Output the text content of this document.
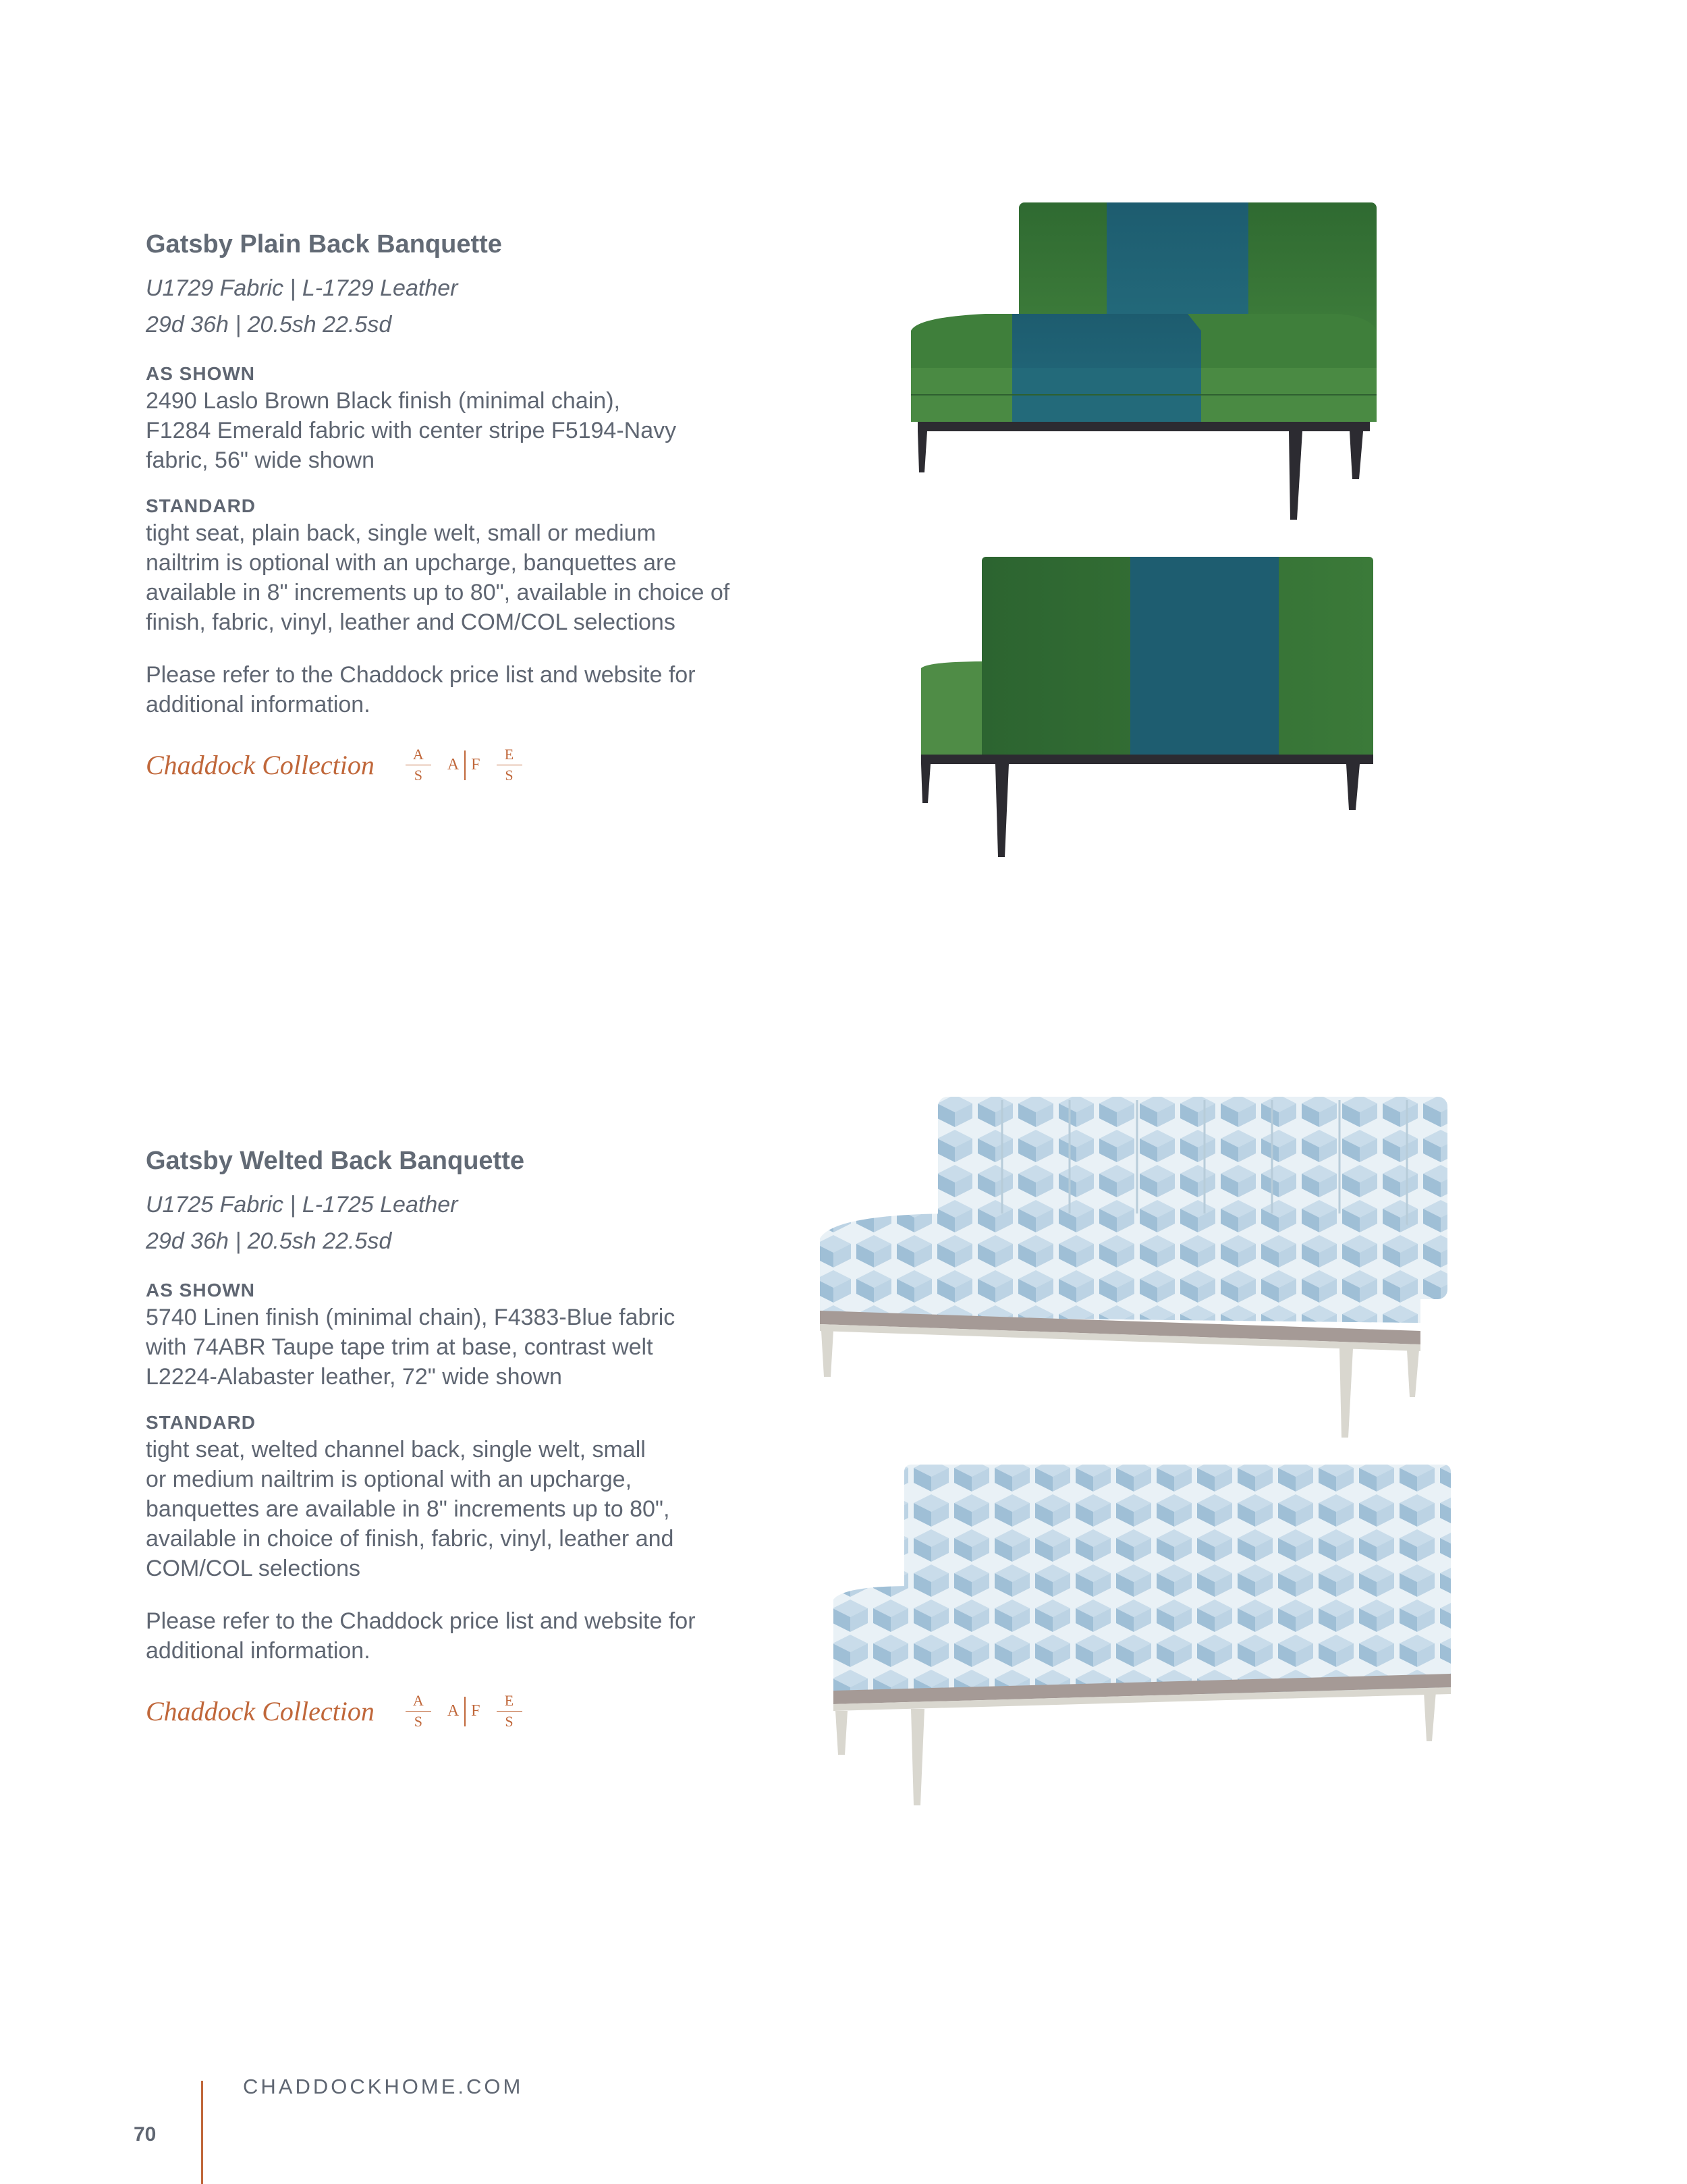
Gatsby Plain Back Banquette
U1729 Fabric | L-1729 Leather
29d 36h | 20.5sh 22.5sd
AS SHOWN
2490 Laslo Brown Black finish (minimal chain),
F1284 Emerald fabric with center stripe F5194-Navy
fabric, 56" wide shown
STANDARD
tight seat, plain back, single welt, small or medium
nailtrim is optional with an upcharge, banquettes are
available in 8" increments up to 80", available in choice of
finish, fabric, vinyl, leather and COM/COL selections
Please refer to the Chaddock price list and website for
additional information.
Chaddock Collection $\frac{A}{S}$ A F $\frac{E}{S}$
Gatsby Welted Back Banquette
U1725 Fabric | L-1725 Leather
29d 36h | 20.5sh 22.5sd
AS SHOWN
5740 Linen finish (minimal chain), F4383-Blue fabric
with 74ABR Taupe tape trim at base, contrast welt
L2224-Alabaster leather, 72" wide shown
STANDARD
tight seat, welted channel back, single welt, small
or medium nailtrim is optional with an upcharge,
banquettes are available in 8" increments up to 80",
available in choice of finish, fabric, vinyl, leather and
COM/COL selections
Please refer to the Chaddock price list and website for
additional information.
Chaddock Collection $\frac{A}{S}$ A F $\frac{E}{S}$
CHADDOCKHOME.COM
70
